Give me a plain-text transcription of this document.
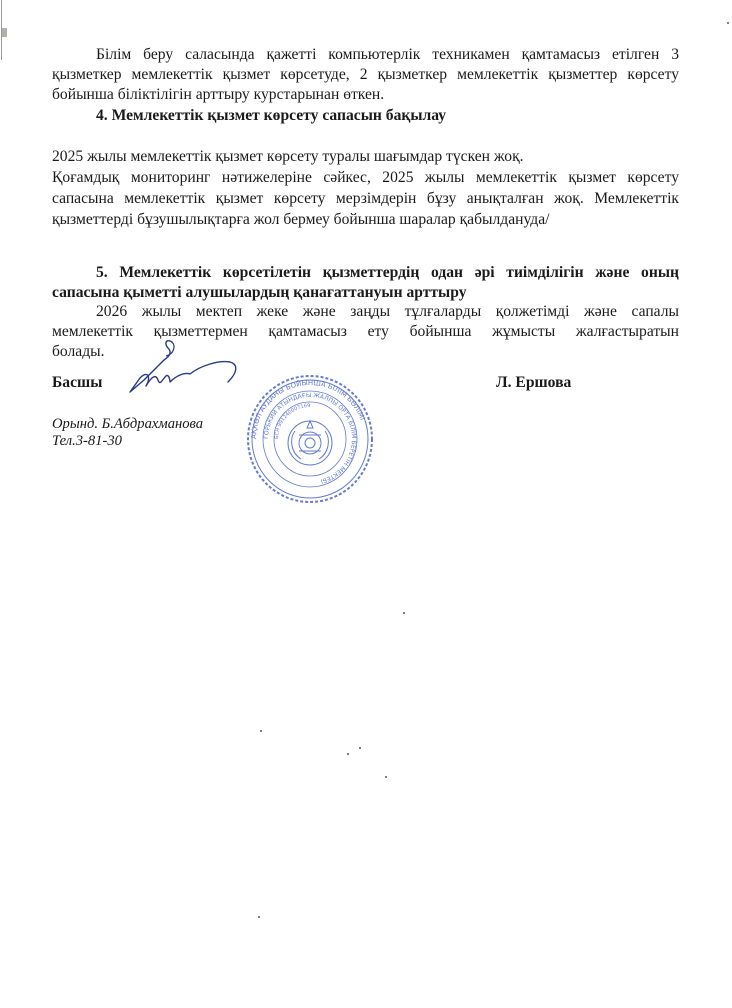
Білім беру саласында қажетті компьютерлік техникамен қамтамасыз етілген 3
қызметкер мемлекеттік қызмет көрсетуде, 2 қызметкер мемлекеттік қызметтер көрсету
бойынша біліктілігін арттыру курстарынан өткен.
4. Мемлекеттік қызмет көрсету сапасын бақылау
2025 жылы мемлекеттік қызмет көрсету туралы шағымдар түскен жоқ.
Қоғамдық мониторинг нәтижелеріне сәйкес, 2025 жылы мемлекеттік қызмет көрсету
сапасына мемлекеттік қызмет көрсету мерзімдерін бұзу анықталған жоқ. Мемлекеттік
қызметтерді бұзушылықтарға жол бермеу бойынша шаралар қабылдануда/
5. Мемлекеттік көрсетілетін қызметтердің одан әрі тиімділігін және оның
сапасына қыметті алушылардың қанағаттануын арттыру
2026 жылы мектеп жеке және заңды тұлғаларды қолжетімді және сапалы
мемлекеттік қызметтермен қамтамасыз ету бойынша жұмысты жалғастыратын
болады.
Басшы	Л. Ершова
Орынд. Б.Абдрахманова
Тел.3-81-30	АҚКӨЛ АУДАНЫ БОЙЫНША БІЛІМ БӨЛІМІ
ГОРЬКИЙ АТЫНДАҒЫ ЖАЛПЫ ОРТА БІЛІМ БЕРЕТІН МЕКТЕБІ
БСН 991240007169
